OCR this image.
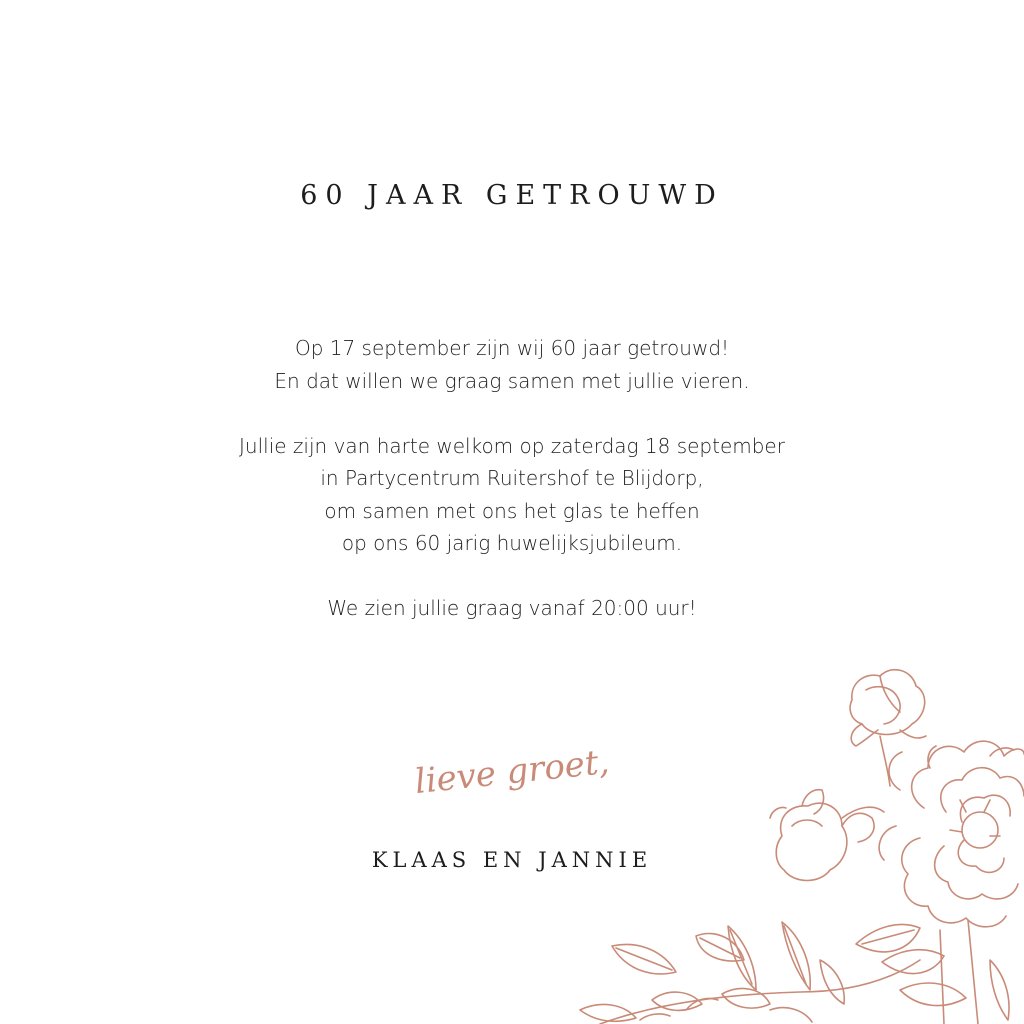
60 JAAR GETROUWD

Op 17 september zijn wij 60 jaar getrouwd!

En dat willen we graag samen met jullie vieren.

Jullie zijn van harte welkom op zaterdag 18 september

in Partycentrum Ruitershof te Blijdorp,

om samen met ons het glas te heffen

op ons 60 jarig huwelijksjubileum.

We zien jullie graag vanaf 20:00 uur!

lieve groet,
KLAAS EN JANNIE
